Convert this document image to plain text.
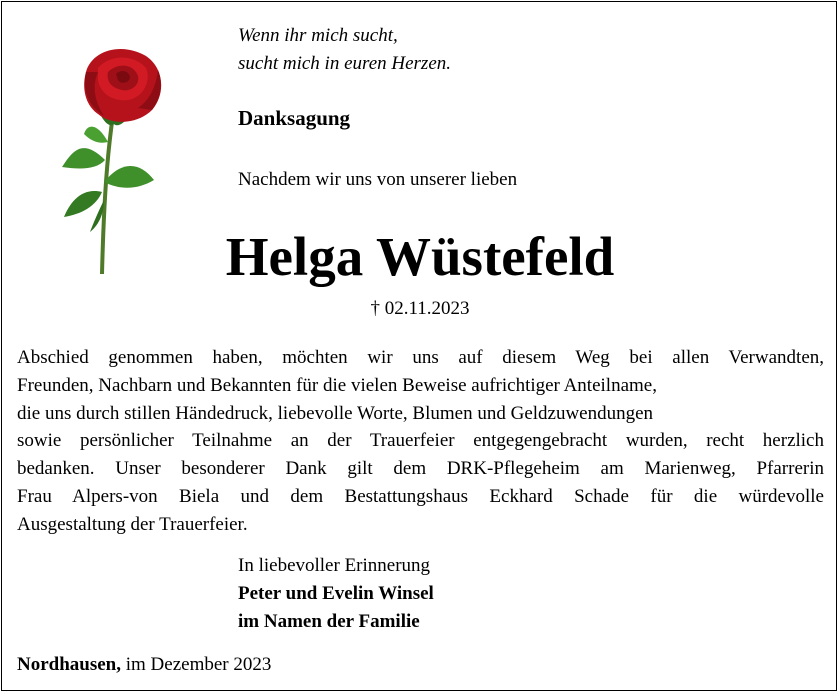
Wenn ihr mich sucht,
sucht mich in euren Herzen.
Danksagung
Nachdem wir uns von unserer lieben
Helga Wüstefeld
† 02.11.2023
Abschied genommen haben, möchten wir uns auf diesem Weg bei allen Verwandten,
Freunden, Nachbarn und Bekannten für die vielen Beweise aufrichtiger Anteilname,
die uns durch stillen Händedruck, liebevolle Worte, Blumen und Geldzuwendungen
sowie persönlicher Teilnahme an der Trauerfeier entgegengebracht wurden, recht herzlich
bedanken. Unser besonderer Dank gilt dem DRK-Pflegeheim am Marienweg, Pfarrerin
Frau Alpers-von Biela und dem Bestattungshaus Eckhard Schade für die würdevolle
Ausgestaltung der Trauerfeier.
In liebevoller Erinnerung
Peter und Evelin Winsel
im Namen der Familie
Nordhausen, im Dezember 2023
